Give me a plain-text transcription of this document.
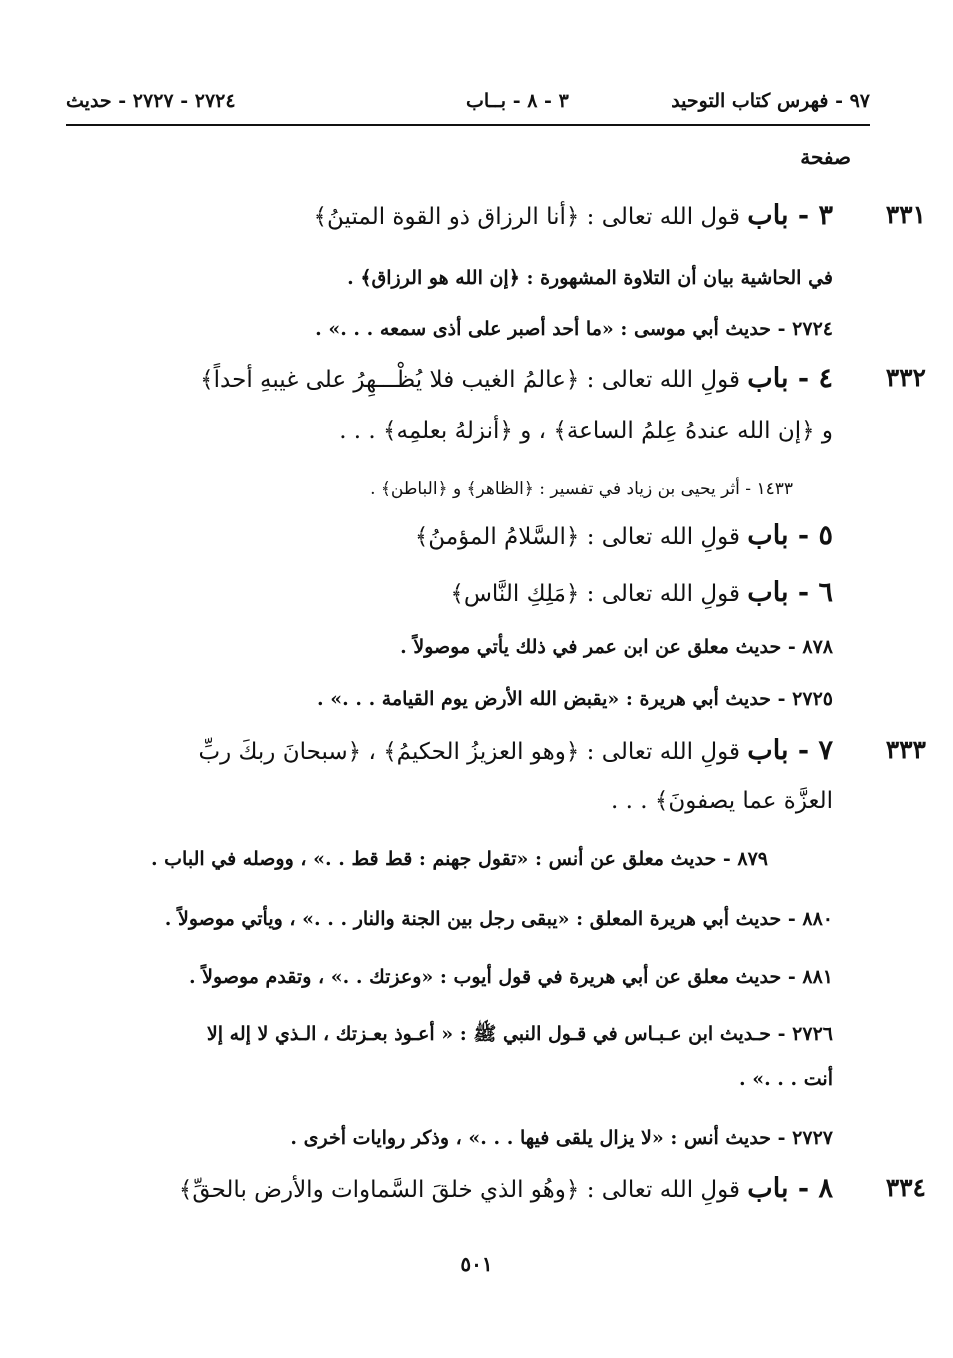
٩٧ - فهرس كتاب التوحيد
٣ - ٨ - بــاب
٢٧٢٤ - ٢٧٢٧ - حديث
صفحة
٣٣١
٣ - باب قول الله تعالى : ﴿أنا الرزاق ذو القوة المتينُ﴾
في الحاشية بيان أن التلاوة المشهورة : ﴿إن الله هو الرزاق﴾ .
٢٧٢٤ - حديث أبي موسى : «ما أحد أصبر على أذى سمعه . . .» .
٣٣٢
٤ - باب قولِ الله تعالى : ﴿عالمُ الغيب فلا يُظْـــهِرُ على غيبهِ أحداً﴾
و ﴿إن الله عندهُ عِلمُ الساعة﴾ ، و ﴿أنزلهُ بعلمِه﴾ . . .
١٤٣٣ - أثر يحيى بن زياد في تفسير : ﴿الظاهر﴾ و ﴿الباطن﴾ .
٥ - باب قولِ الله تعالى : ﴿السَّلامُ المؤمنُ﴾
٦ - باب قولِ الله تعالى : ﴿مَلِكِ النَّاس﴾
٨٧٨ - حديث معلق عن ابن عمر في ذلك يأتي موصولاً .
٢٧٢٥ - حديث أبي هريرة : «يقبض الله الأرض يوم القيامة . . .» .
٣٣٣
٧ - باب قولِ الله تعالى : ﴿وهو العزيزُ الحكيمُ﴾ ، ﴿سبحانَ ربكَ ربِّ
العزَّة عما يصفونَ﴾ . . .
٨٧٩ - حديث معلق عن أنس : «تقول جهنم : قط قط . .» ، ووصله في الباب .
٨٨٠ - حديث أبي هريرة المعلق : «يبقى رجل بين الجنة والنار . . .» ، ويأتي موصولاً .
٨٨١ - حديث معلق عن أبي هريرة في قول أيوب : «وعزتك . .» ، وتقدم موصولاً .
٢٧٢٦ - حـديث ابن عـبـاس في قـول النبي ﷺ : « أعـوذ بعـزتك ، الـذي لا إله إلا
أنت . . .» .
٢٧٢٧ - حديث أنس : «لا يزال يلقى فيها . . .» ، وذكر روايات أخرى .
٣٣٤
٨ - باب قولِ الله تعالى : ﴿وهُو الذي خلقَ السَّماوات والأرض بالحقِّ﴾
٥٠١
